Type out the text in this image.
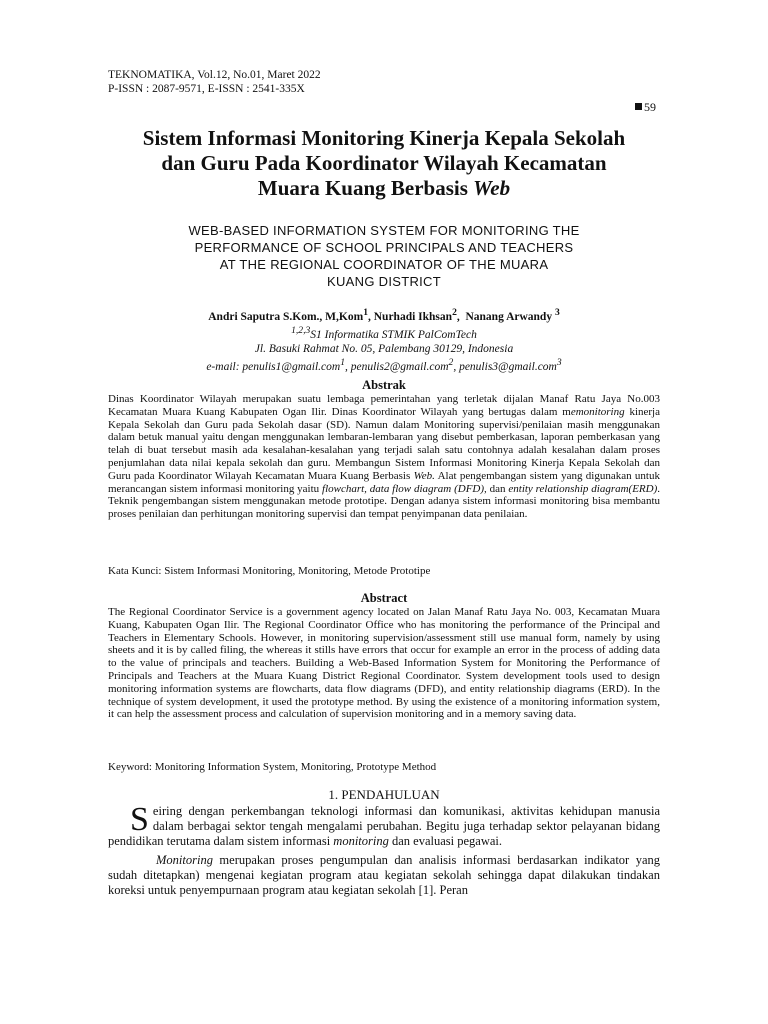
TEKNOMATIKA, Vol.12, No.01, Maret 2022
P-ISSN : 2087-9571, E-ISSN : 2541-335X
59
Sistem Informasi Monitoring Kinerja Kepala Sekolah
dan Guru Pada Koordinator Wilayah Kecamatan
Muara Kuang Berbasis Web
WEB-BASED INFORMATION SYSTEM FOR MONITORING THE
PERFORMANCE OF SCHOOL PRINCIPALS AND TEACHERS
AT THE REGIONAL COORDINATOR OF THE MUARA
KUANG DISTRICT
Andri Saputra S.Kom., M,Kom$^1$, Nurhadi Ikhsan$^2$,  Nanang Arwandy $^3$
$^{1,2,3}$S1 Informatika STMIK PalComTech
Jl. Basuki Rahmat No. 05, Palembang 30129, Indonesia
e-mail: penulis1@gmail.com$^1$, penulis2@gmail.com$^2$, penulis3@gmail.com$^3$
Abstrak
Dinas Koordinator Wilayah merupakan suatu lembaga pemerintahan yang terletak dijalan Manaf Ratu Jaya No.003 Kecamatan Muara Kuang Kabupaten Ogan Ilir. Dinas Koordinator Wilayah yang bertugas dalam memonitoring kinerja Kepala Sekolah dan Guru pada Sekolah dasar (SD). Namun dalam Monitoring supervisi/penilaian masih menggunakan dalam betuk manual yaitu dengan menggunakan lembaran-lembaran yang disebut pemberkasan, laporan pemberkasan yang telah di buat tersebut masih ada kesalahan-kesalahan yang terjadi salah satu contohnya adalah kesalahan dalam proses penjumlahan data nilai kepala sekolah dan guru. Membangun Sistem Informasi Monitoring Kinerja Kepala Sekolah dan Guru pada Koordinator Wilayah Kecamatan Muara Kuang Berbasis Web. Alat pengembangan sistem yang digunakan untuk merancangan sistem informasi monitoring yaitu flowchart, data flow diagram (DFD), dan entity relationship diagram(ERD). Teknik pengembangan sistem menggunakan metode prototipe. Dengan adanya sistem informasi monitoring bisa membantu proses penilaian dan perhitungan monitoring supervisi dan tempat penyimpanan data penilaian.
Kata Kunci: Sistem Informasi Monitoring, Monitoring, Metode Prototipe
Abstract
The Regional Coordinator Service is a government agency located on Jalan Manaf Ratu Jaya No. 003, Kecamatan Muara Kuang, Kabupaten Ogan Ilir. The Regional Coordinator Office who has monitoring the performance of the Principal and Teachers in Elementary Schools. However, in monitoring supervision/assessment still use manual form, namely by using sheets and it is by called filing, the whereas it stills have errors that occur for example an error in the process of adding data to the value of principals and teachers. Building a Web-Based Information System for Monitoring the Performance of Principals and Teachers at the Muara Kuang District Regional Coordinator. System development tools used to design monitoring information systems are flowcharts, data flow diagrams (DFD), and entity relationship diagrams (ERD). In the technique of system development, it used the prototype method. By using the existence of a monitoring information system, it can help the assessment process and calculation of supervision monitoring and in a memory saving data.
Keyword: Monitoring Information System, Monitoring, Prototype Method
1. PENDAHULUAN
Seiring dengan perkembangan teknologi informasi dan komunikasi, aktivitas kehidupan manusia dalam berbagai sektor tengah mengalami perubahan. Begitu juga terhadap sektor pelayanan bidang pendidikan terutama dalam sistem informasi monitoring dan evaluasi pegawai.
Monitoring merupakan proses pengumpulan dan analisis informasi berdasarkan indikator yang sudah ditetapkan) mengenai kegiatan program atau kegiatan sekolah sehingga dapat dilakukan tindakan koreksi untuk penyempurnaan program atau kegiatan sekolah [1]. Peran
